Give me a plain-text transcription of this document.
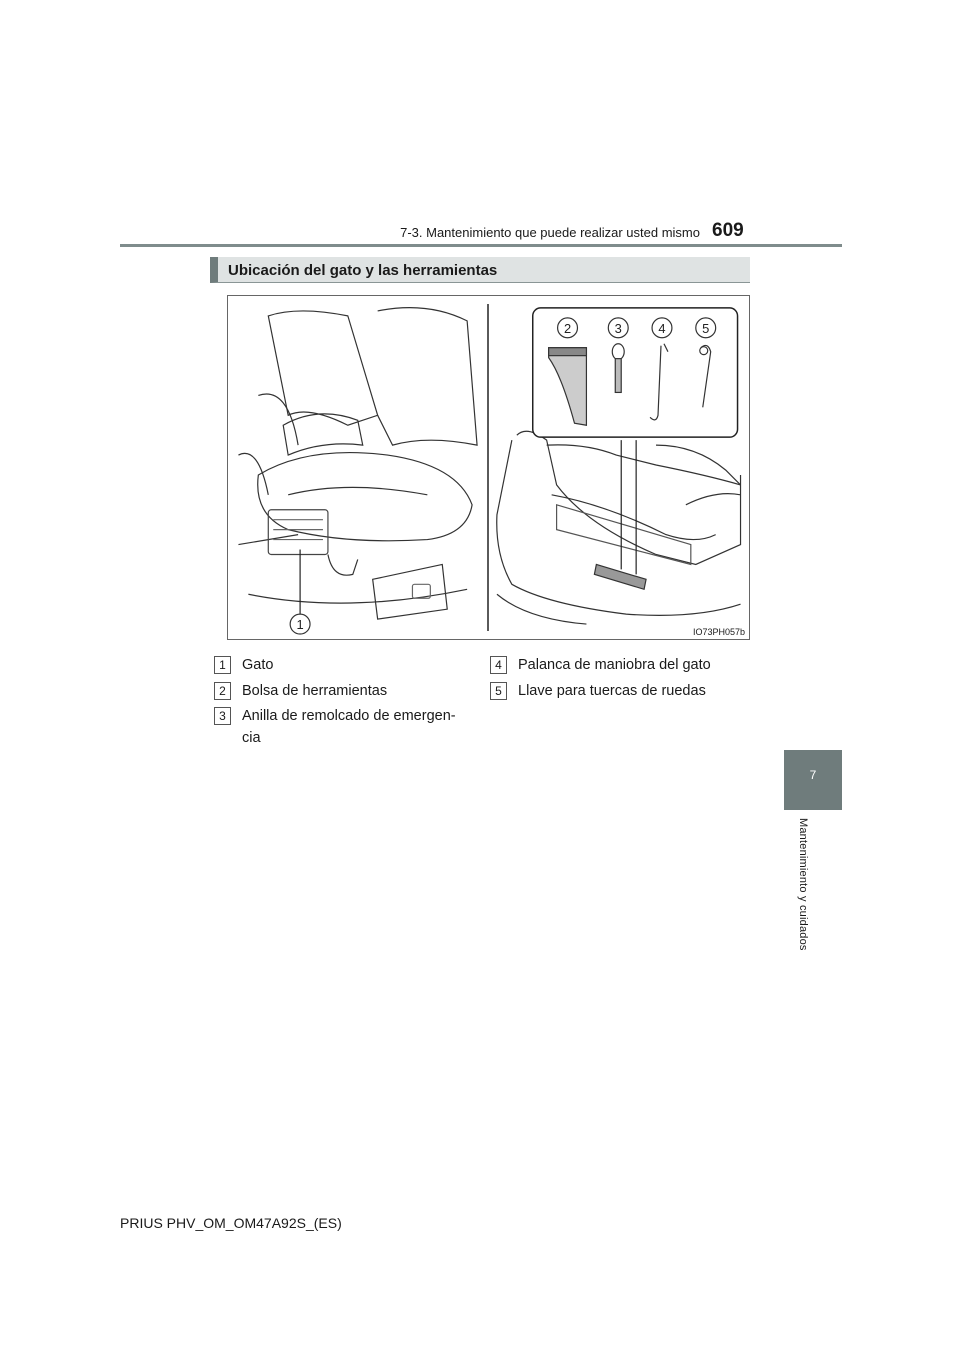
7-3. Mantenimiento que puede realizar usted mismo 609
Ubicación del gato y las herramientas
1
2	3	4	5
IO73PH057b
1	Gato
2	Bolsa de herramientas
3	Anilla de remolcado de emergen-
cia
4	Palanca de maniobra del gato
5	Llave para tuercas de ruedas
7
Mantenimiento y cuidados
PRIUS PHV_OM_OM47A92S_(ES)
